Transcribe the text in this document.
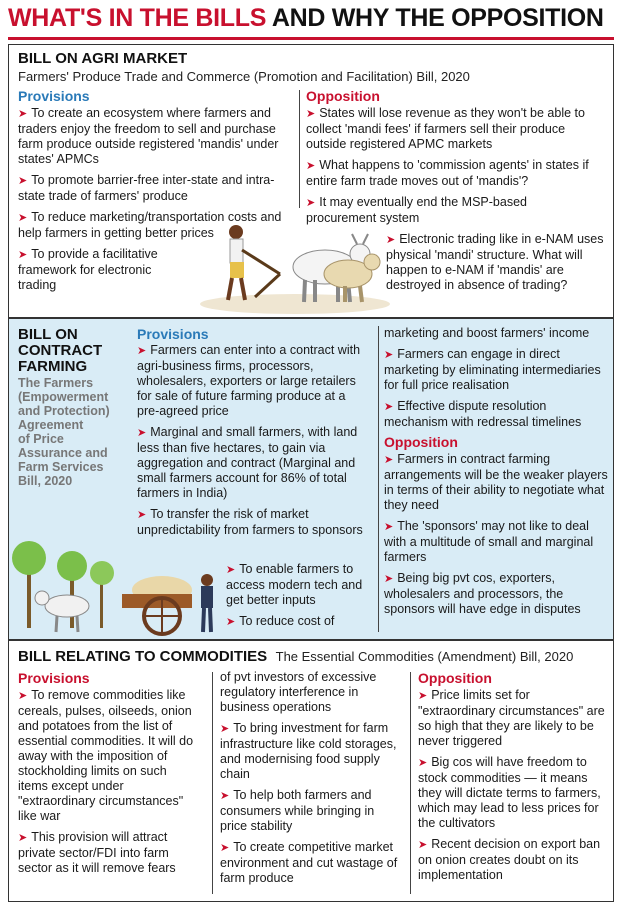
WHAT'S IN THE BILLS AND WHY THE OPPOSITION
BILL ON AGRI MARKET
Farmers' Produce Trade and Commerce (Promotion and Facilitation) Bill, 2020
Provisions
➤ To create an ecosystem where farmers and traders enjoy the freedom to sell and purchase farm produce outside registered 'mandis' under states' APMCs
➤ To promote barrier-free inter-state and intra-state trade of farmers' produce
➤ To reduce marketing/transportation costs and help farmers in getting better prices
➤ To provide a facilitative framework for electronic trading
Opposition
➤ States will lose revenue as they won't be able to collect 'mandi fees' if farmers sell their produce outside registered APMC markets
➤ What happens to 'commission agents' in states if entire farm trade moves out of 'mandis'?
➤ It may eventually end the MSP-based procurement system
➤ Electronic trading like in e-NAM uses physical 'mandi' structure. What will happen to e-NAM if 'mandis' are destroyed in absence of trading?
BILL ON
CONTRACT
FARMING
The Farmers
(Empowerment
and Protection)
Agreement
of Price
Assurance and
Farm Services
Bill, 2020
Provisions
➤ Farmers can enter into a contract with agri-business firms, processors, wholesalers, exporters or large retailers for sale of future farming produce at a pre-agreed price
➤ Marginal and small farmers, with land less than five hectares, to gain via aggregation and contract (Marginal and small farmers account for 86% of total farmers in India)
➤ To transfer the risk of market unpredictability from farmers to sponsors
➤ To enable farmers to access modern tech and get better inputs
➤ To reduce cost of
marketing and boost farmers' income
➤ Farmers can engage in direct marketing by eliminating intermediaries for full price realisation
➤ Effective dispute resolution mechanism with redressal timelines
Opposition
➤ Farmers in contract farming arrangements will be the weaker players in terms of their ability to negotiate what they need
➤ The 'sponsors' may not like to deal with a multitude of small and marginal farmers
➤ Being big pvt cos, exporters, wholesalers and processors, the sponsors will have edge in disputes
BILL RELATING TO COMMODITIES The Essential Commodities (Amendment) Bill, 2020
Provisions
➤ To remove commodities like cereals, pulses, oilseeds, onion and potatoes from the list of essential commodities. It will do away with the imposition of stockholding limits on such items except under "extraordinary circumstances" like war
➤ This provision will attract private sector/FDI into farm sector as it will remove fears
of pvt investors of excessive regulatory interference in business operations
➤ To bring investment for farm infrastructure like cold storages, and modernising food supply chain
➤ To help both farmers and consumers while bringing in price stability
➤ To create competitive market environment and cut wastage of farm produce
Opposition
➤ Price limits set for "extraordinary circumstances" are so high that they are likely to be never triggered
➤ Big cos will have freedom to stock commodities — it means they will dictate terms to farmers, which may lead to less prices for the cultivators
➤ Recent decision on export ban on onion creates doubt on its implementation
